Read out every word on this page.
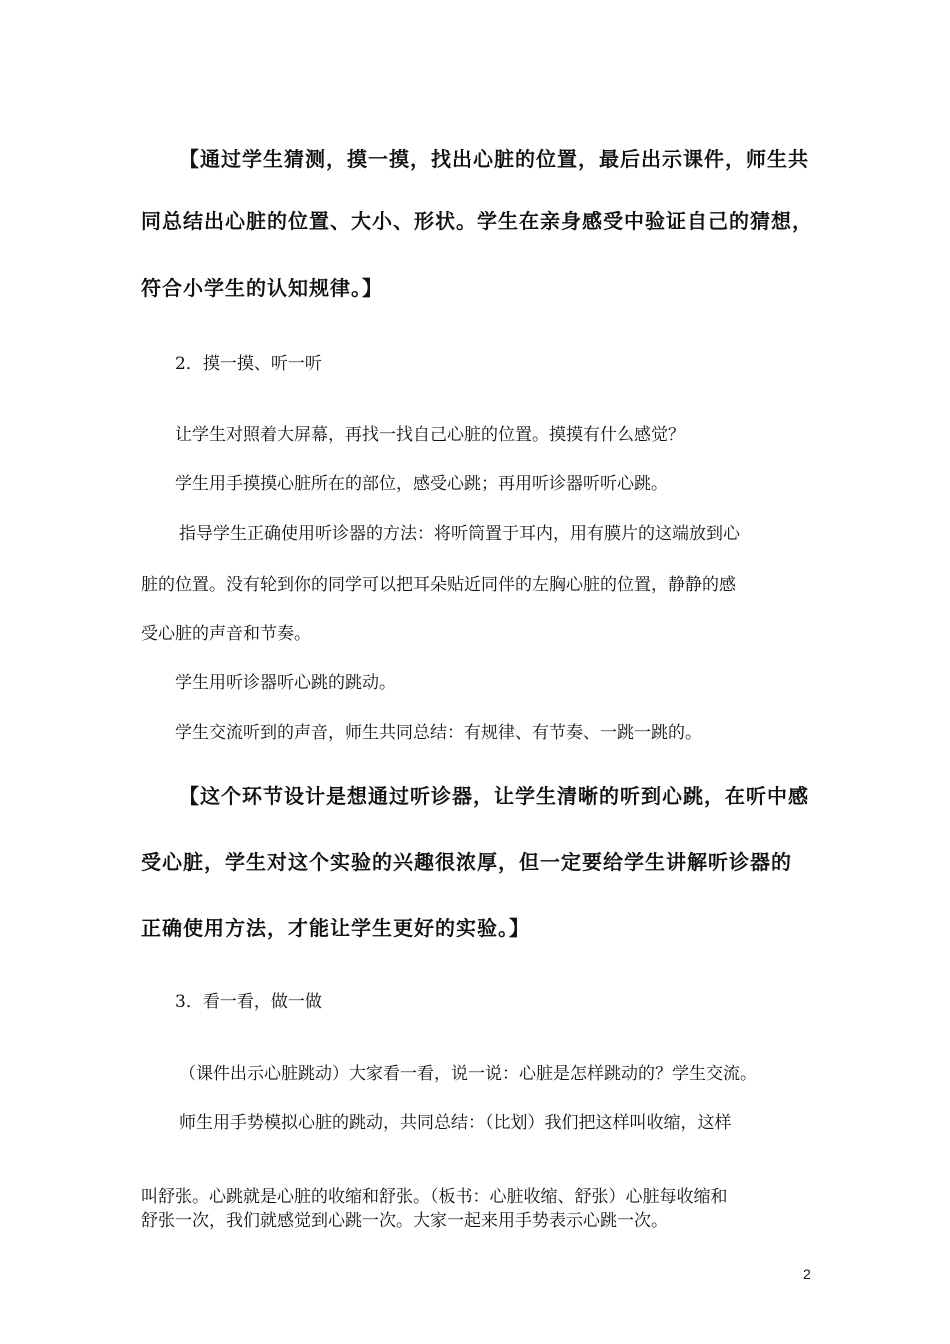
【通过学生猜测，摸一摸，找出心脏的位置，最后出示课件，师生共

同总结出心脏的位置、大小、形状。学生在亲身感受中验证自己的猜想，

符合小学生的认知规律。】

2．摸一摸、听一听

让学生对照着大屏幕，再找一找自己心脏的位置。摸摸有什么感觉？

学生用手摸摸心脏所在的部位，感受心跳；再用听诊器听听心跳。

指导学生正确使用听诊器的方法：将听筒置于耳内，用有膜片的这端放到心

脏的位置。没有轮到你的同学可以把耳朵贴近同伴的左胸心脏的位置，静静的感

受心脏的声音和节奏。

学生用听诊器听心跳的跳动。

学生交流听到的声音，师生共同总结：有规律、有节奏、一跳一跳的。

【这个环节设计是想通过听诊器，让学生清晰的听到心跳，在听中感

受心脏，学生对这个实验的兴趣很浓厚，但一定要给学生讲解听诊器的

正确使用方法，才能让学生更好的实验。】

3．看一看，做一做

（课件出示心脏跳动）大家看一看，说一说：心脏是怎样跳动的？学生交流。

师生用手势模拟心脏的跳动，共同总结：（比划）我们把这样叫收缩，这样

叫舒张。心跳就是心脏的收缩和舒张。（板书：心脏收缩、舒张）心脏每收缩和

舒张一次，我们就感觉到心跳一次。大家一起来用手势表示心跳一次。

2
